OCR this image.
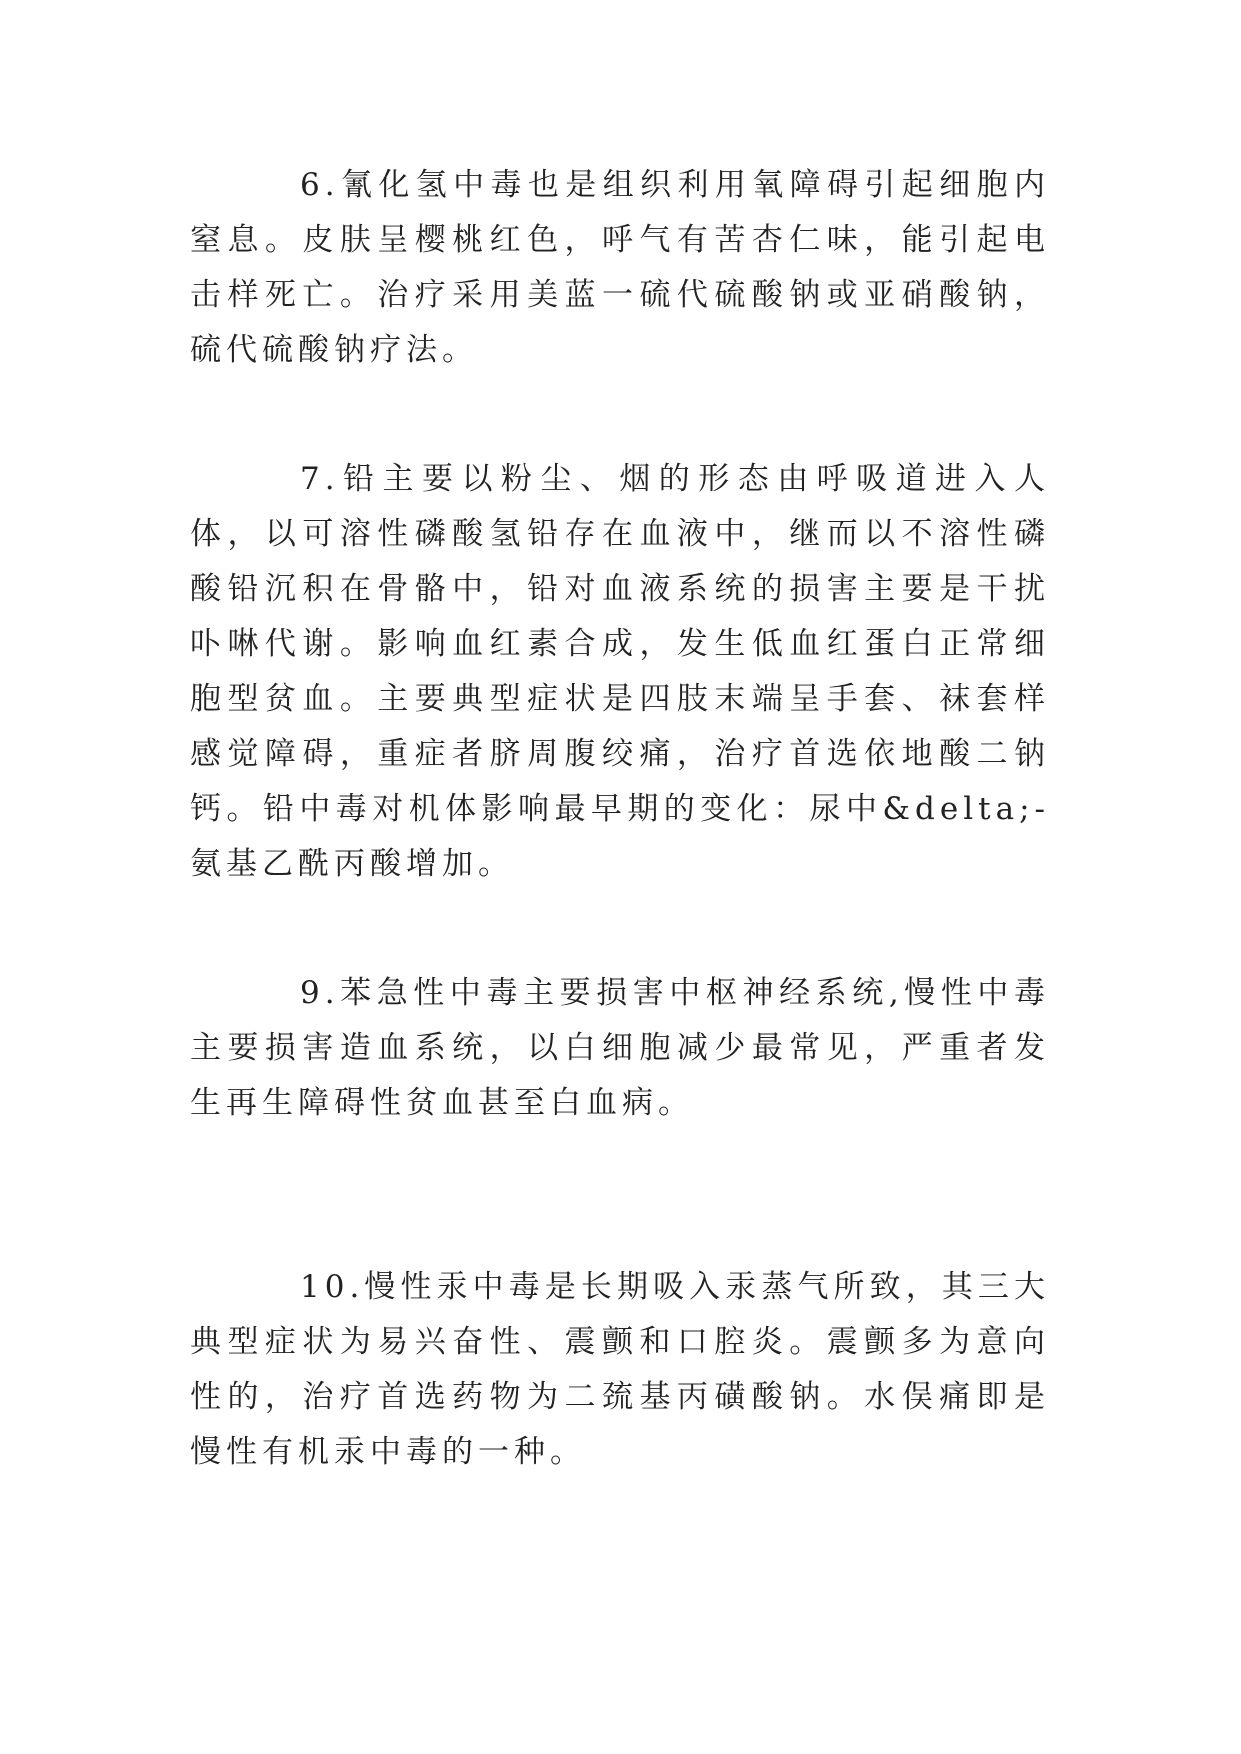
6.氰化氢中毒也是组织利用氧障碍引起细胞内窒息。皮肤呈樱桃红色，呼气有苦杏仁味，能引起电击样死亡。治疗采用美蓝一硫代硫酸钠或亚硝酸钠，硫代硫酸钠疗法。

7.铅主要以粉尘、烟的形态由呼吸道进入人体，以可溶性磷酸氢铅存在血液中，继而以不溶性磷酸铅沉积在骨骼中，铅对血液系统的损害主要是干扰卟啉代谢。影响血红素合成，发生低血红蛋白正常细胞型贫血。主要典型症状是四肢末端呈手套、袜套样感觉障碍，重症者脐周腹绞痛，治疗首选依地酸二钠钙。铅中毒对机体影响最早期的变化：尿中&delta;-氨基乙酰丙酸增加。

9.苯急性中毒主要损害中枢神经系统,慢性中毒主要损害造血系统，以白细胞减少最常见，严重者发生再生障碍性贫血甚至白血病。

10.慢性汞中毒是长期吸入汞蒸气所致，其三大典型症状为易兴奋性、震颤和口腔炎。震颤多为意向性的，治疗首选药物为二巯基丙磺酸钠。水俣痛即是慢性有机汞中毒的一种。
